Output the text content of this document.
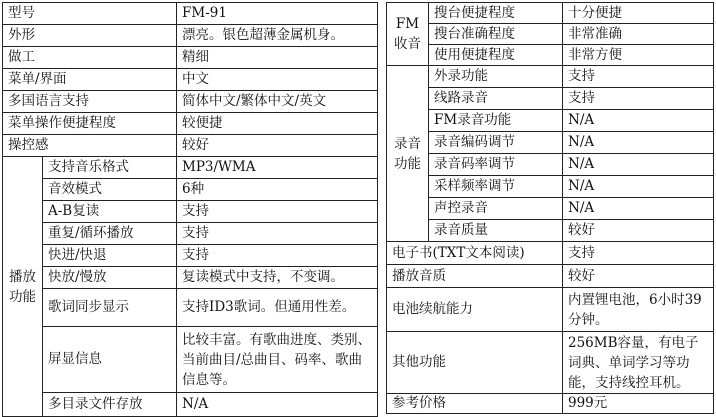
型号		FM-91
外形		漂亮。银色超薄金属机身。
做工		精细
菜单/界面		中文
多国语言支持		简体中文/繁体中文/英文
菜单操作便捷程度		较便捷
操控感		较好
播放功能	支持音乐格式	MP3/WMA
	音效模式	6种
	A-B复读	支持
	重复/循环播放	支持
	快进/快退	支持
	快放/慢放	复读模式中支持，不变调。
	歌词同步显示	支持ID3歌词。但通用性差。
	屏显信息	比较丰富。有歌曲进度、类别、当前曲目/总曲目、码率、歌曲信息等。
	多目录文件存放	N/A
FM收音	搜台便捷程度	十分便捷
	搜台准确程度	非常准确
	使用便捷程度	非常方便
录音功能	外录功能	支持
	线路录音	支持
	FM录音功能	N/A
	录音编码调节	N/A
	录音码率调节	N/A
	采样频率调节	N/A
	声控录音	N/A
	录音质量	较好
电子书(TXT文本阅读)		支持
播放音质		较好
电池续航能力		内置锂电池，6小时39分钟。
其他功能		256MB容量，有电子词典、单词学习等功能，支持线控耳机。
参考价格		999元
